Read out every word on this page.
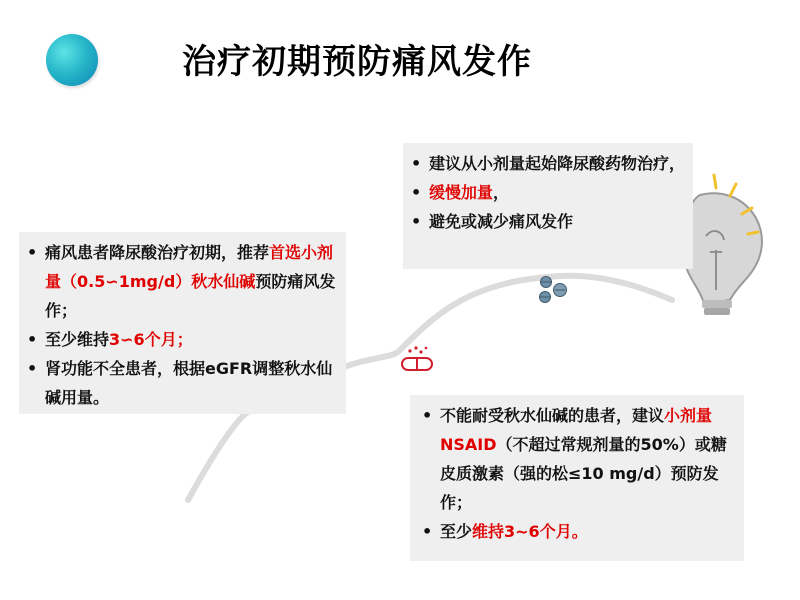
治疗初期预防痛风发作
• 痛风患者降尿酸治疗初期，推荐首选小剂量（0.5∽1mg/d）秋水仙碱预防痛风发作；
• 至少维持3∽6个月；
• 肾功能不全患者，根据eGFR调整秋水仙碱用量。
• 建议从小剂量起始降尿酸药物治疗，
• 缓慢加量，
• 避免或减少痛风发作
• 不能耐受秋水仙碱的患者，建议小剂量NSAID（不超过常规剂量的50%）或糖皮质激素（强的松≤10 mg/d）预防发作；
• 至少维持3~6个月。
